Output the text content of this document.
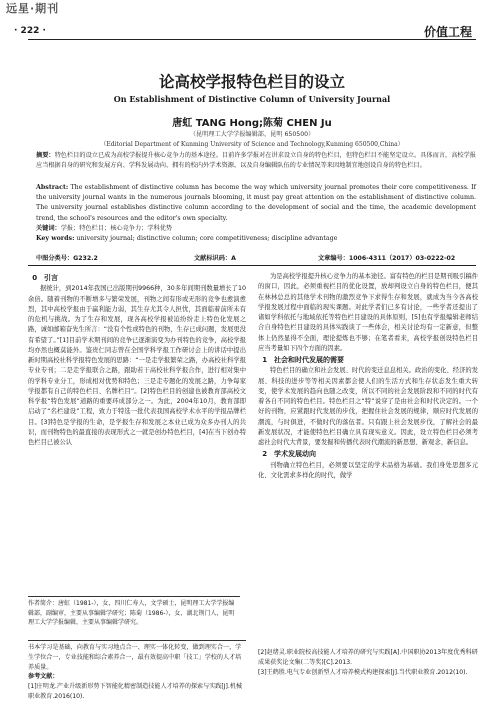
远星·期刊
· 222 ·	价值工程
论高校学报特色栏目的设立
On Establishment of Distinctive Column of University Journal
唐虹 TANG Hong;陈菊 CHEN Ju
（昆明理工大学学报编辑部，昆明 650500）
（Editorial Department of Kunming University of Science and Technology,Kunming 650500,China）
摘要：特色栏目的设立已成为高校学报提升核心竞争力的基本途径。目前许多学报对在讲求设立自身的特色栏目，但特色栏目不能坚定设立。具体而言，高校学报应当根据自身的研究和发展方向、学科发展动向、拥有的校内外学术资源，以及自身编辑队伍的专业情况等来因地制宜地创设自身的特色栏目。
Abstract: The establishment of distinctive column has become the way which university journal promotes their core competitiveness. If the university journal wants in the numerous journals blooming, it must pay great attention on the establishment of distinctive column. The university journal establishes distinctive column according to the development of social and the time, the academic development trend, the school's resources and the editor's own specialty.
关键词：学报；特色栏目；核心竞争力；学科优势
Key words: university journal; distinctive column; core competitiveness; discipline advantage
中图分类号：G232.2	文献标识码：A	文章编号：1006-4311（2017）03-0222-02

0　引言

据统计，到2014年我国已出版期刊9966种，30多年间期刊数量增长了10余倍。随着刊物的不断增多与繁荣发展，刊物之间有形或无形的竞争也愈演愈烈，其中高校学报由于赢利能力弱，其生存尤其令人担忧，其面临着前所未有的危机与挑战。为了生存和发展，现各高校学报被迫纷纷走上特色化发展之路，诚如邮箱奋先生所言：“没有个性或特色的刊物，生存已成问题，发展更没有希望了。”[1]目前学术期刊间的竞争已逐渐演变为办刊特色的竞争，高校学报均亦然也概莫能外。鉴贵仁同志曾在全国学科学报工作研讨会上的讲话中提出新时期高校社科学报特色发展的思路：“一是走学报繁荣之路，办高校社科学报专业专刊；二是走学报联合之路，跟助若干高校社科学报合作，进行相对集中的学科专业分工，形成相对优势和特色；三是走专题化的发展之路，力争每家学报都有自己的特色栏目、名牌栏目”。[2]特色栏目的创建也被教育部高校文科学报“特色发展”道路的重要环成部分之一。为此，2004年10月，教育部即启动了“名栏建设”工程，致力于特选一批代表我国高校学术水平的学报品牌栏目。[3]特色是学报的生命，是学报生存和发展之本业已成为众多办刊人的共识，而刊物特色的最直接的表现形式之一就是创办特色栏目，[4]在当下创办特色栏目已被公认

为是高校学报提升核心竞争力的基本途径。富有特色的栏目是期刊吸引稿件的窗口，因此，必须重视栏目的优化设置，放却判设立自身的特色栏目，便其在林林总总的其他学术刊物的激烈竞争下求得生存和发展，就成为当今各高校学报发展过程中面临的现实课题。对此学者们已多有讨论，一些学者还提出了诸如学科依托与地域依托等特色栏目建设的具体原则，[5]也有学报编辑老师结合自身特色栏目建设的具体实践谈了一些体会，相关讨论均有一定新意，但整体上仍然显得不全面，理论提炼也不够；在笔者看来，高校学报创设特色栏目应当考量如下四个方面的因素。

1　社会和时代发展的需要

特色栏目的确立和社会发展、时代的变迁息息相关。政治的变化、经济的发展、科技的进步等等相关因素都会使人们的生活方式和生存状态发生重大转变，使学术发展的趋向也随之改变，所以不同的社会发展阶段和不同的时代有着各自不同的特色栏目。特色栏目之“特”说穿了是由社会和时代决定的。一个好的刊物，应紧跟时代发展的步伐，把握住社会发展的规律，顺应时代发展的潮流，与时俱进，不做时代的落伍者。只有跟上社会发展步伐，了解社会的最新发展状况，才能使特色栏目确立具有现实意义。因此，设立特色栏目必须考虑社会时代大背景，要发掘和传播代表时代潮流的新思想、新观念、新信息。

2　学术发展动向

刊物确立特色栏目，必须要以坚定的学术品格为基础。我们身处思想多元化、文化需求多样化的时代，做学

作者简介：唐虹（1981-），女，四川仁寿人，文学硕士，昆明理工大学学报编辑部，副编审，主要从事编辑学研究；陈菊（1986-），女，湖北荆门人，昆明理工大学学报编辑，主要从事编辑学研究。
书本学习是基础，向教育与实习地点合一、理实一体化转变，做到理实合一，学生学位合一，专业技能和综合素养合一，最有效提高中职「技工」学校的人才培养质量。
参考文献：
[1]庄明龙.产业升级新形势下智能化精密制造技能人才培养的探索与实践[J].机械职业教育.2016(10).
[2]赵绪灵.职业院校高技能人才培养的研究与实践[A].中国职协2013年度优秀科研成果获奖论文集(二等奖)[C].2013.
[3]王鹤胜.电气专业创新型人才培养模式构建探索[J].当代职业教育.2012(10).
